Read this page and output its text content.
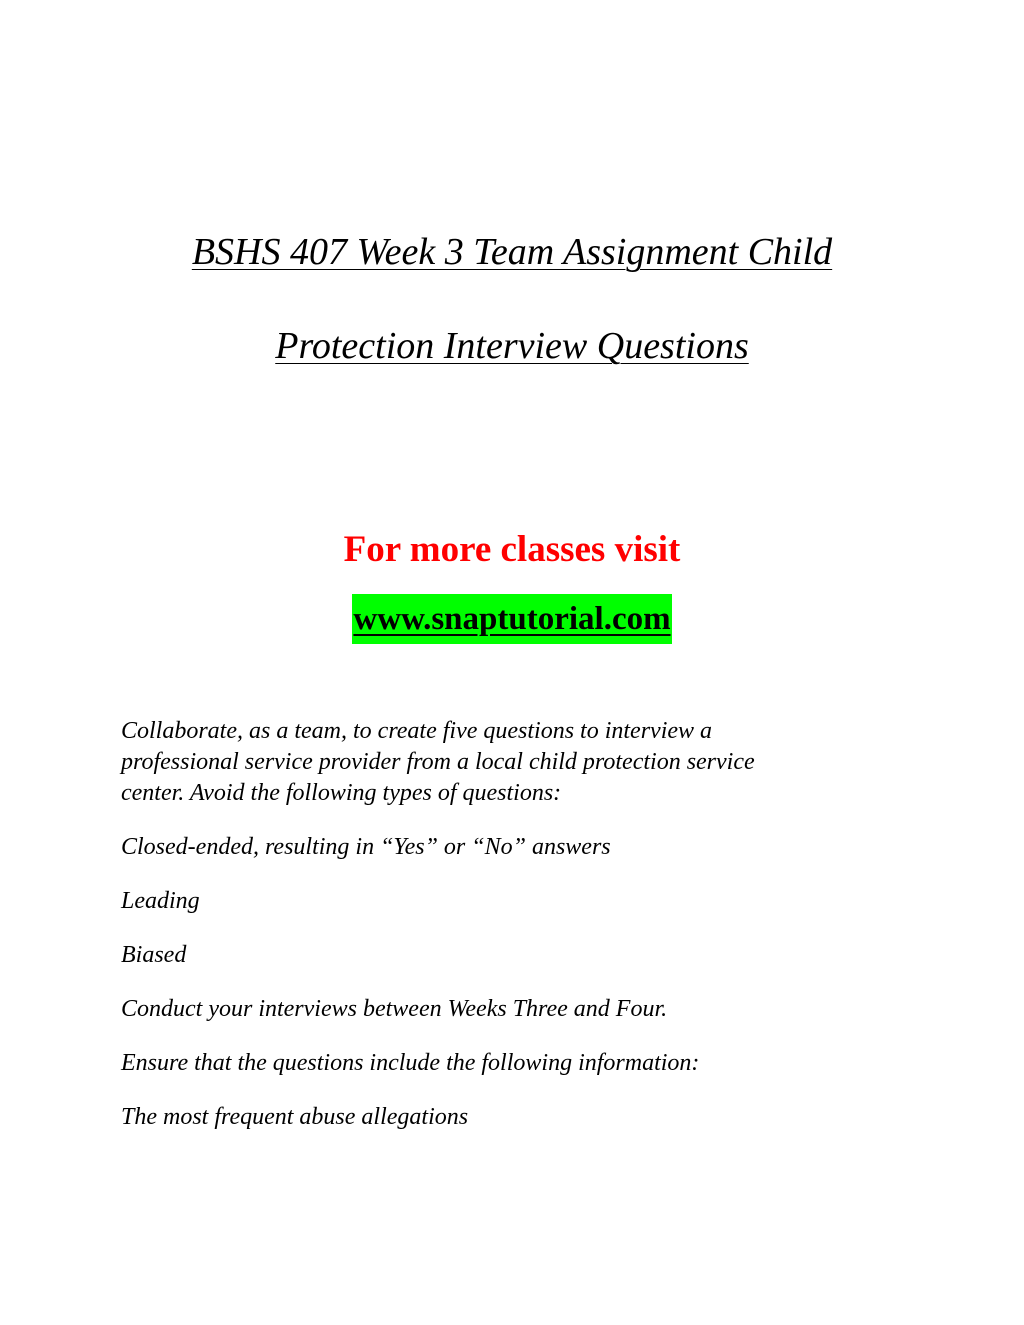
BSHS 407 Week 3 Team Assignment Child
Protection Interview Questions
For more classes visit
www.snaptutorial.com
Collaborate, as a team, to create five questions to interview a
professional service provider from a local child protection service
center. Avoid the following types of questions:
Closed-ended, resulting in “Yes” or “No” answers
Leading
Biased
Conduct your interviews between Weeks Three and Four.
Ensure that the questions include the following information:
The most frequent abuse allegations
